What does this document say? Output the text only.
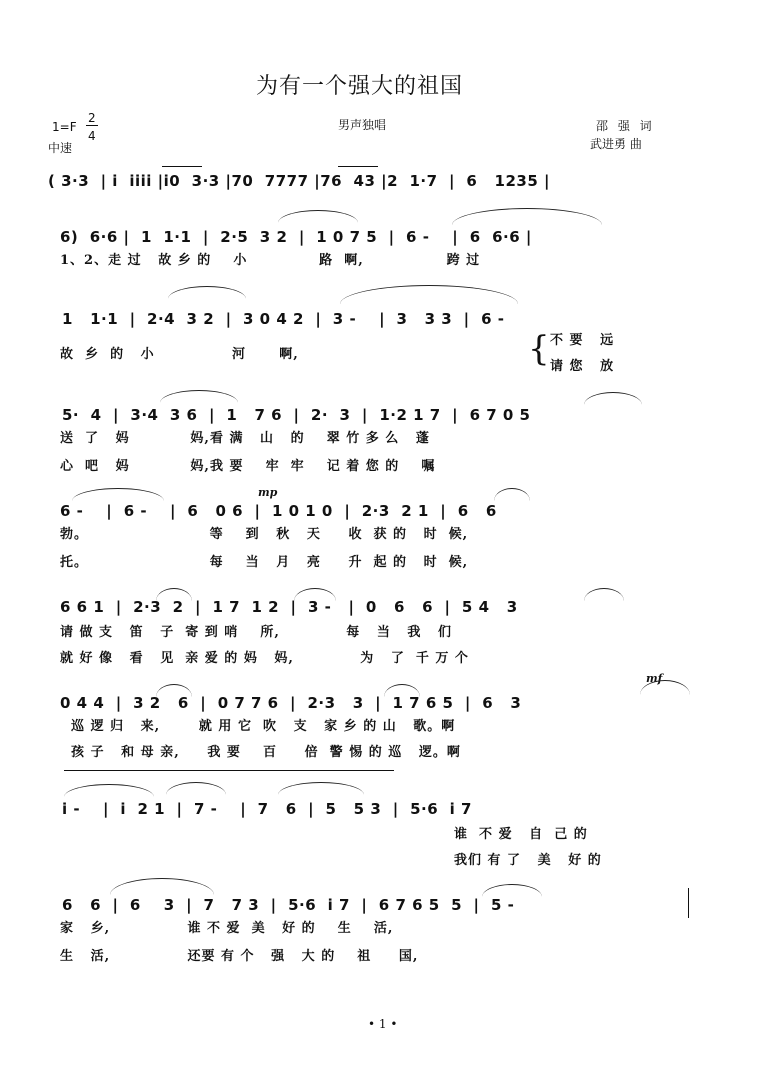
为有一个强大的祖国
1=F
2
4
中速
男声独唱	邵 强 词
武进勇 曲
( 3·3  | i  iiii |i0  3·3 |70  7777 |76  43 |2  1·7  |  6   1235 |
6)  6·6 |  1  1·1  |  2·5  3 2  |  1 0 7 5  |  6 -    |  6  6·6 |
1、2、走 过   故 乡 的    小             路  啊,               跨 过
1   1·1  |  2·4  3 2  |  3 0 4 2  |  3 -    |  3   3 3  |  6 -
故  乡  的   小              河      啊,	{ 不 要   远
请 您   放
5·  4  |  3·4  3 6  |  1   7 6  |  2·  3  |  1·2 1 7  |  6 7 0 5
送  了   妈           妈,看 满   山   的    翠 竹 多 么   蓬
心  吧   妈           妈,我 要    牢  牢    记 着 您 的    嘱
mp
6 -    |  6 -    |  6   0 6  |  1 0 1 0  |  2·3  2 1  |  6   6
勃。                      等    到   秋   天     收  获 的   时  候,
托。                      每    当   月   亮     升  起 的   时  候,
6 6 1  |  2·3  2  |  1 7  1 2  |  3 -   |  0   6   6  |  5 4   3
请 做 支   笛   子  寄 到 哨    所,            每   当   我   们
就 好 像   看   见  亲 爱 的 妈   妈,            为   了  千 万 个
mf
0 4 4  |  3 2   6  |  0 7 7 6  |  2·3   3  |  1 7 6 5  |  6   3
巡 逻 归   来,       就 用 它  吹   支   家 乡 的 山   歌。啊
孩 子   和 母 亲,     我 要    百     倍  警 惕 的 巡   逻。啊
i -    |  i  2 1  |  7 -    |  7   6  |  5   5 3  |  5·6  i 7
谁  不 爱   自  己 的
我们 有 了   美   好 的
6   6  |  6    3  |  7   7 3  |  5·6  i 7  |  6 7 6 5  5  |  5 -
家   乡,              谁 不 爱  美   好 的    生    活,
生   活,              还要 有 个   强   大 的    祖     国,
• 1 •
